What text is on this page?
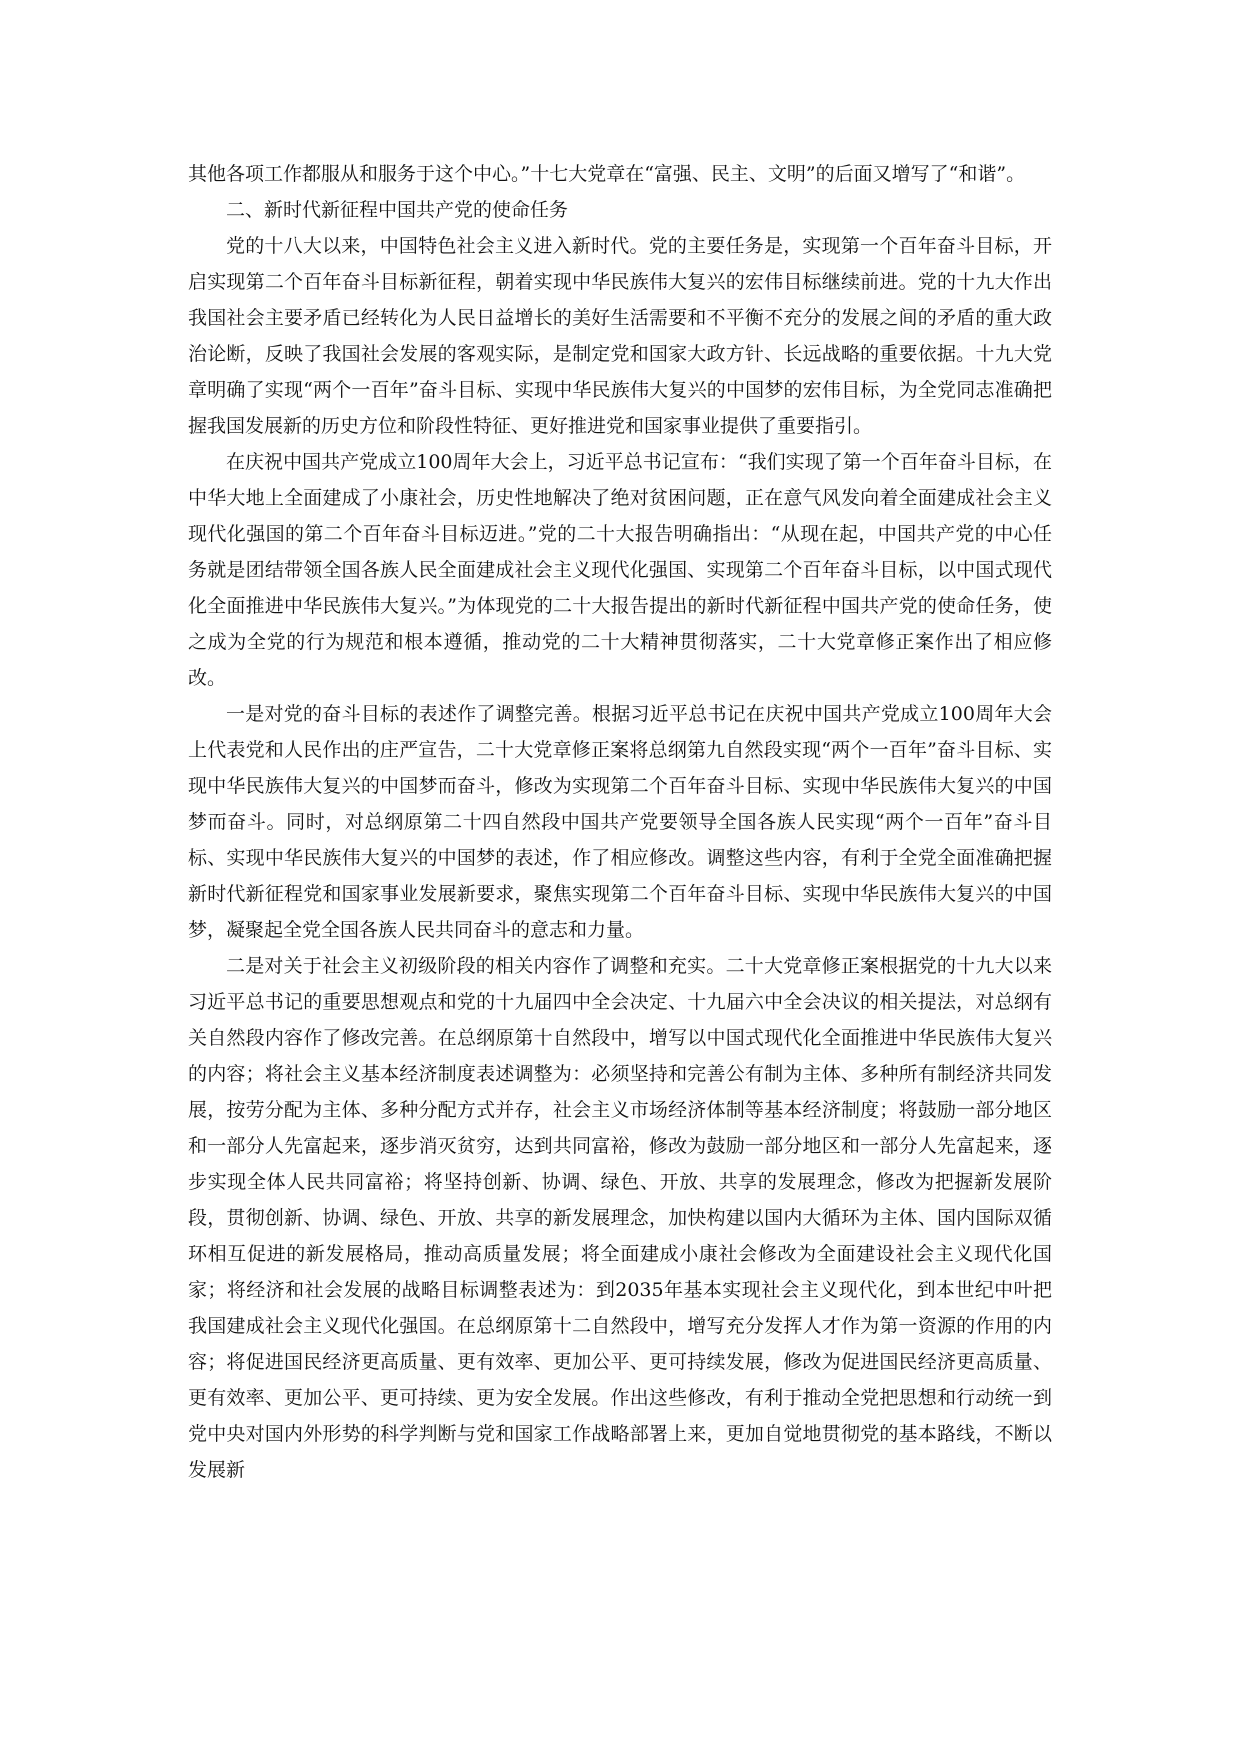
其他各项工作都服从和服务于这个中心。”十七大党章在“富强、民主、文明”的后面又增写了“和谐”。

二、新时代新征程中国共产党的使命任务

党的十八大以来，中国特色社会主义进入新时代。党的主要任务是，实现第一个百年奋斗目标，开启实现第二个百年奋斗目标新征程，朝着实现中华民族伟大复兴的宏伟目标继续前进。党的十九大作出我国社会主要矛盾已经转化为人民日益增长的美好生活需要和不平衡不充分的发展之间的矛盾的重大政治论断，反映了我国社会发展的客观实际，是制定党和国家大政方针、长远战略的重要依据。十九大党章明确了实现“两个一百年”奋斗目标、实现中华民族伟大复兴的中国梦的宏伟目标，为全党同志准确把握我国发展新的历史方位和阶段性特征、更好推进党和国家事业提供了重要指引。

在庆祝中国共产党成立100周年大会上，习近平总书记宣布：“我们实现了第一个百年奋斗目标，在中华大地上全面建成了小康社会，历史性地解决了绝对贫困问题，正在意气风发向着全面建成社会主义现代化强国的第二个百年奋斗目标迈进。”党的二十大报告明确指出：“从现在起，中国共产党的中心任务就是团结带领全国各族人民全面建成社会主义现代化强国、实现第二个百年奋斗目标，以中国式现代化全面推进中华民族伟大复兴。”为体现党的二十大报告提出的新时代新征程中国共产党的使命任务，使之成为全党的行为规范和根本遵循，推动党的二十大精神贯彻落实，二十大党章修正案作出了相应修改。

一是对党的奋斗目标的表述作了调整完善。根据习近平总书记在庆祝中国共产党成立100周年大会上代表党和人民作出的庄严宣告，二十大党章修正案将总纲第九自然段实现“两个一百年”奋斗目标、实现中华民族伟大复兴的中国梦而奋斗，修改为实现第二个百年奋斗目标、实现中华民族伟大复兴的中国梦而奋斗。同时，对总纲原第二十四自然段中国共产党要领导全国各族人民实现“两个一百年”奋斗目标、实现中华民族伟大复兴的中国梦的表述，作了相应修改。调整这些内容，有利于全党全面准确把握新时代新征程党和国家事业发展新要求，聚焦实现第二个百年奋斗目标、实现中华民族伟大复兴的中国梦，凝聚起全党全国各族人民共同奋斗的意志和力量。

二是对关于社会主义初级阶段的相关内容作了调整和充实。二十大党章修正案根据党的十九大以来习近平总书记的重要思想观点和党的十九届四中全会决定、十九届六中全会决议的相关提法，对总纲有关自然段内容作了修改完善。在总纲原第十自然段中，增写以中国式现代化全面推进中华民族伟大复兴的内容；将社会主义基本经济制度表述调整为：必须坚持和完善公有制为主体、多种所有制经济共同发展，按劳分配为主体、多种分配方式并存，社会主义市场经济体制等基本经济制度；将鼓励一部分地区和一部分人先富起来，逐步消灭贫穷，达到共同富裕，修改为鼓励一部分地区和一部分人先富起来，逐步实现全体人民共同富裕；将坚持创新、协调、绿色、开放、共享的发展理念，修改为把握新发展阶段，贯彻创新、协调、绿色、开放、共享的新发展理念，加快构建以国内大循环为主体、国内国际双循环相互促进的新发展格局，推动高质量发展；将全面建成小康社会修改为全面建设社会主义现代化国家；将经济和社会发展的战略目标调整表述为：到2035年基本实现社会主义现代化，到本世纪中叶把我国建成社会主义现代化强国。在总纲原第十二自然段中，增写充分发挥人才作为第一资源的作用的内容；将促进国民经济更高质量、更有效率、更加公平、更可持续发展，修改为促进国民经济更高质量、更有效率、更加公平、更可持续、更为安全发展。作出这些修改，有利于推动全党把思想和行动统一到党中央对国内外形势的科学判断与党和国家工作战略部署上来，更加自觉地贯彻党的基本路线，不断以发展新
